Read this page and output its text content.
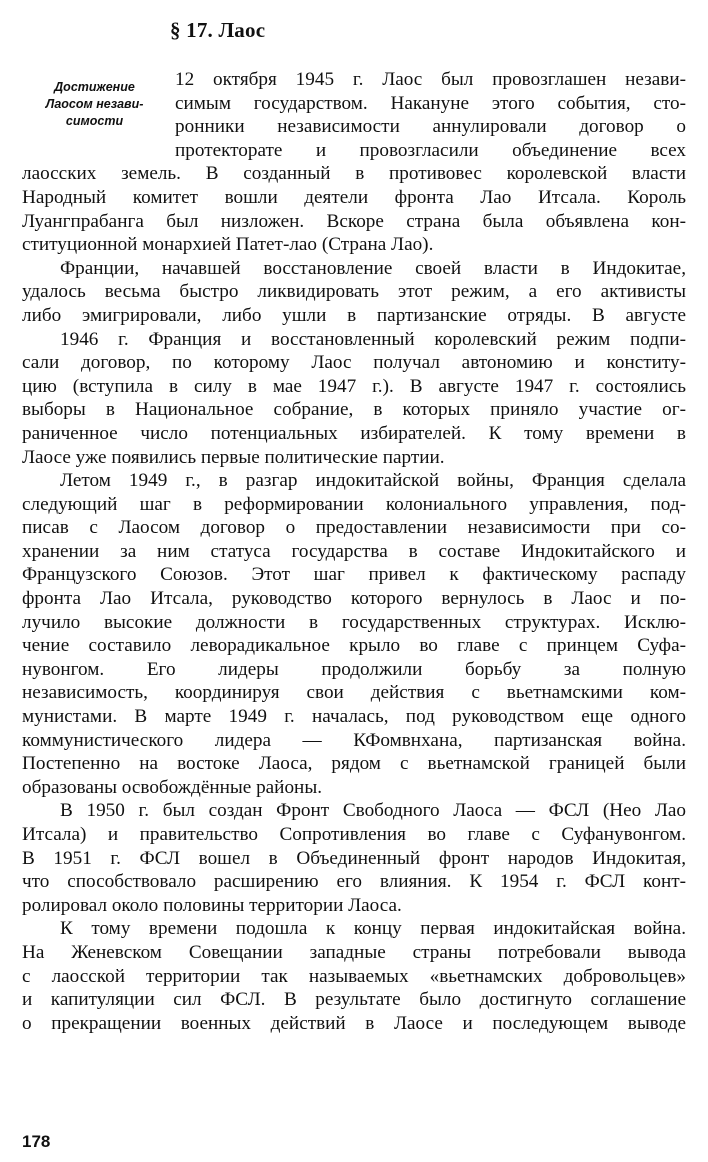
§ 17. Лаос
Достижение
Лаосом незави-
симости
12 октября 1945 г. Лаос был провозглашен незави-
симым государством. Накануне этого события, сто-
ронники независимости аннулировали договор о
протекторате и провозгласили объединение всех
лаосских земель. В созданный в противовес королевской власти
Народный комитет вошли деятели фронта Лао Итсала. Король
Луангпрабанга был низложен. Вскоре страна была объявлена кон-
ституционной монархией Патет-лао (Страна Лао).
Франции, начавшей восстановление своей власти в Индокитае,
удалось весьма быстро ликвидировать этот режим, а его активисты
либо эмигрировали, либо ушли в партизанские отряды. В августе
1946 г. Франция и восстановленный королевский режим подпи-
сали договор, по которому Лаос получал автономию и конститу-
цию (вступила в силу в мае 1947 г.). В августе 1947 г. состоялись
выборы в Национальное собрание, в которых приняло участие ог-
раниченное число потенциальных избирателей. К тому времени в
Лаосе уже появились первые политические партии.
Летом 1949 г., в разгар индокитайской войны, Франция сделала
следующий шаг в реформировании колониального управления, под-
писав с Лаосом договор о предоставлении независимости при со-
хранении за ним статуса государства в составе Индокитайского и
Французского Союзов. Этот шаг привел к фактическому распаду
фронта Лао Итсала, руководство которого вернулось в Лаос и по-
лучило высокие должности в государственных структурах. Исклю-
чение составило леворадикальное крыло во главе с принцем Суфа-
нувонгом. Его лидеры продолжили борьбу за полную
независимость, координируя свои действия с вьетнамскими ком-
мунистами. В марте 1949 г. началась, под руководством еще одного
коммунистического лидера — КФомвнхана, партизанская война.
Постепенно на востоке Лаоса, рядом с вьетнамской границей были
образованы освобождённые районы.
В 1950 г. был создан Фронт Свободного Лаоса — ФСЛ (Нео Лао
Итсала) и правительство Сопротивления во главе с Суфанувонгом.
В 1951 г. ФСЛ вошел в Объединенный фронт народов Индокитая,
что способствовало расширению его влияния. К 1954 г. ФСЛ конт-
ролировал около половины территории Лаоса.
К тому времени подошла к концу первая индокитайская война.
На Женевском Совещании западные страны потребовали вывода
с лаосской территории так называемых «вьетнамских добровольцев»
и капитуляции сил ФСЛ. В результате было достигнуто соглашение
о прекращении военных действий в Лаосе и последующем выводе
178
